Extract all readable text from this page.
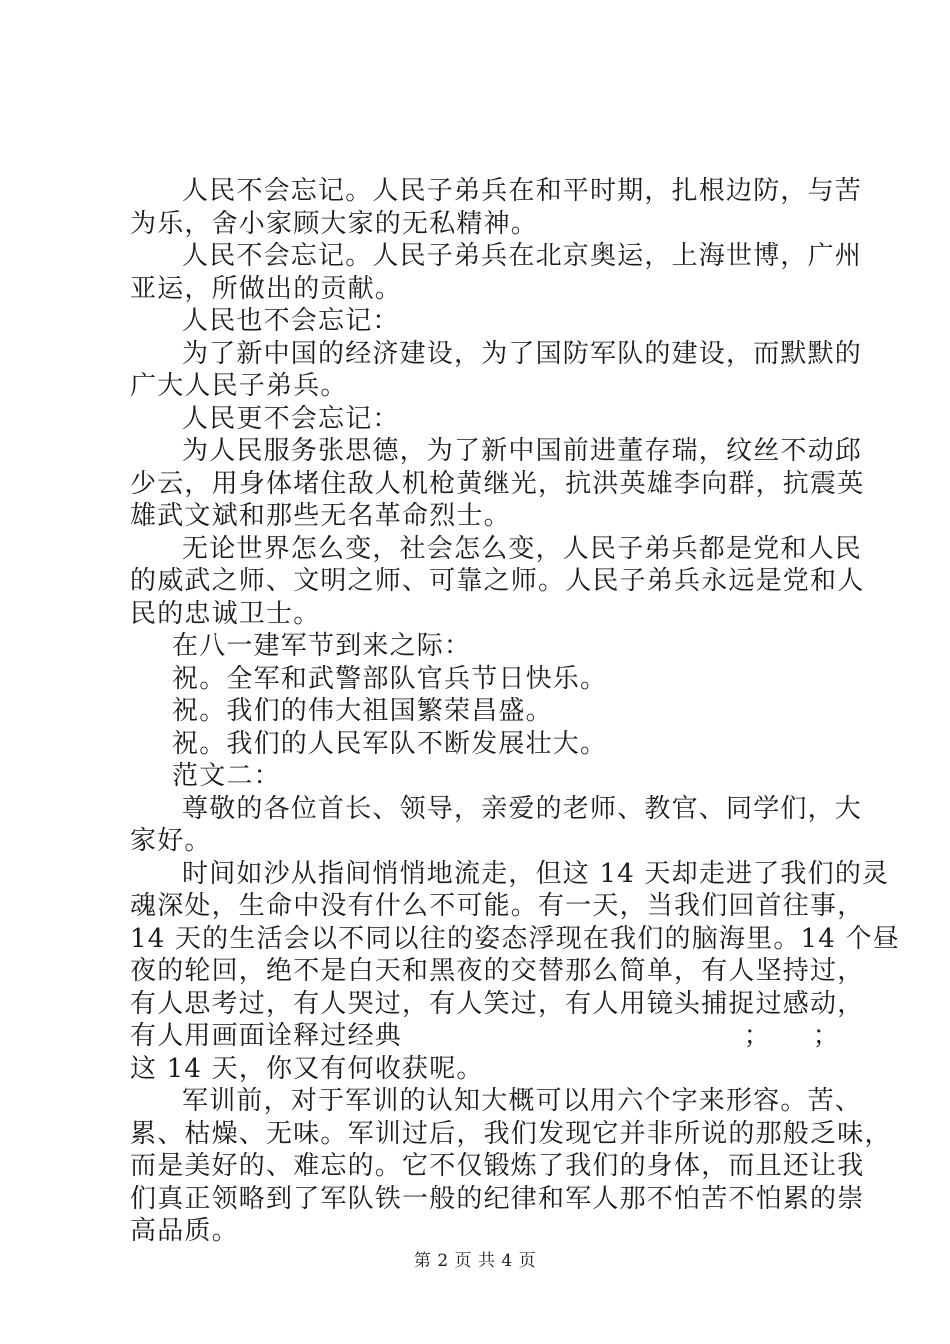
人民不会忘记。人民子弟兵在和平时期，扎根边防，与苦
为乐，舍小家顾大家的无私精神。
人民不会忘记。人民子弟兵在北京奥运，上海世博，广州
亚运，所做出的贡献。
人民也不会忘记：
为了新中国的经济建设，为了国防军队的建设，而默默的
广大人民子弟兵。
人民更不会忘记：
为人民服务张思德，为了新中国前进董存瑞，纹丝不动邱
少云，用身体堵住敌人机枪黄继光，抗洪英雄李向群，抗震英
雄武文斌和那些无名革命烈士。
无论世界怎么变，社会怎么变，人民子弟兵都是党和人民
的威武之师、文明之师、可靠之师。人民子弟兵永远是党和人
民的忠诚卫士。
在八一建军节到来之际：
祝。全军和武警部队官兵节日快乐。
祝。我们的伟大祖国繁荣昌盛。
祝。我们的人民军队不断发展壮大。
范文二：
尊敬的各位首长、领导，亲爱的老师、教官、同学们，大
家好。
时间如沙从指间悄悄地流走，但这 14 天却走进了我们的灵
魂深处，生命中没有什么不可能。有一天，当我们回首往事，
14 天的生活会以不同以往的姿态浮现在我们的脑海里。14 个昼
夜的轮回，绝不是白天和黑夜的交替那么简单，有人坚持过，
有人思考过，有人哭过，有人笑过，有人用镜头捕捉过感动，
有人用画面诠释过经典	； ；
这 14 天，你又有何收获呢。
军训前，对于军训的认知大概可以用六个字来形容。苦、
累、枯燥、无味。军训过后，我们发现它并非所说的那般乏味，
而是美好的、难忘的。它不仅锻炼了我们的身体，而且还让我
们真正领略到了军队铁一般的纪律和军人那不怕苦不怕累的崇
高品质。
第 2 页 共 4 页
